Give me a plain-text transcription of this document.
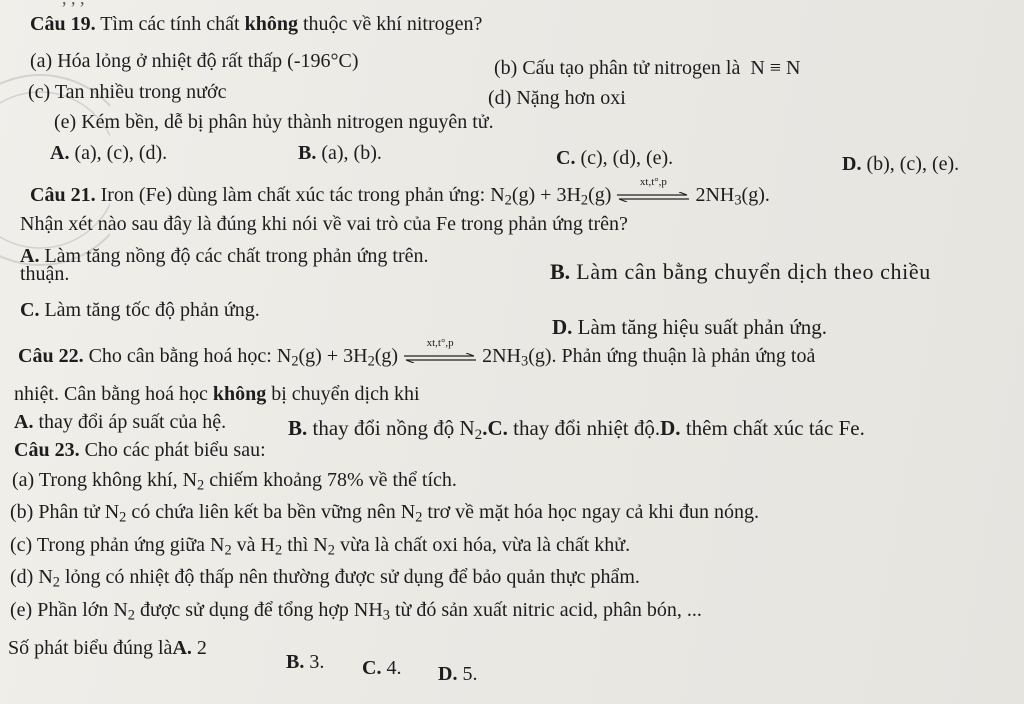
Câu 19. Tìm các tính chất không thuộc về khí nitrogen?
(a) Hóa lỏng ở nhiệt độ rất thấp (-196°C)	(b) Cấu tạo phân tử nitrogen là N ≡ N
(c) Tan nhiều trong nước	(d) Nặng hơn oxi
(e) Kém bền, dễ bị phân hủy thành nitrogen nguyên tử.
A. (a), (c), (d).	B. (a), (b).	C. (c), (d), (e).	D. (b), (c), (e).
Câu 21. Iron (Fe) dùng làm chất xúc tác trong phản ứng: $N_2(g) + 3H_2(g)$
xt,t°,p
$2NH_3(g)$.
Nhận xét nào sau đây là đúng khi nói về vai trò của Fe trong phản ứng trên?
A. Làm tăng nồng độ các chất trong phản ứng trên.
B. Làm cân bằng chuyển dịch theo chiều
thuận.
C. Làm tăng tốc độ phản ứng.
D. Làm tăng hiệu suất phản ứng.
Câu 22. Cho cân bằng hoá học: $N_2(g) + 3H_2(g)$
xt,t°,p
$2NH_3(g)$. Phản ứng thuận là phản ứng toả
nhiệt. Cân bằng hoá học không bị chuyển dịch khi
A. thay đổi áp suất của hệ.	B. thay đổi nồng độ $N_2.C$. thay đổi nhiệt độ.D. thêm chất xúc tác Fe.
Câu 23. Cho các phát biểu sau:
(a) Trong không khí, $N_2$ chiếm khoảng 78% về thể tích.
(b) Phân tử $N_2$ có chứa liên kết ba bền vững nên $N_2$ trơ về mặt hóa học ngay cả khi đun nóng.
(c) Trong phản ứng giữa $N_2$ và $H_2$ thì $N_2$ vừa là chất oxi hóa, vừa là chất khử.
(d) $N_2$ lỏng có nhiệt độ thấp nên thường được sử dụng để bảo quản thực phẩm.
(e) Phần lớn $N_2$ được sử dụng để tổng hợp $NH_3$ từ đó sản xuất nitric acid, phân bón, ...
Số phát biểu đúng làA. 2
B. 3. C. 4. D. 5.
